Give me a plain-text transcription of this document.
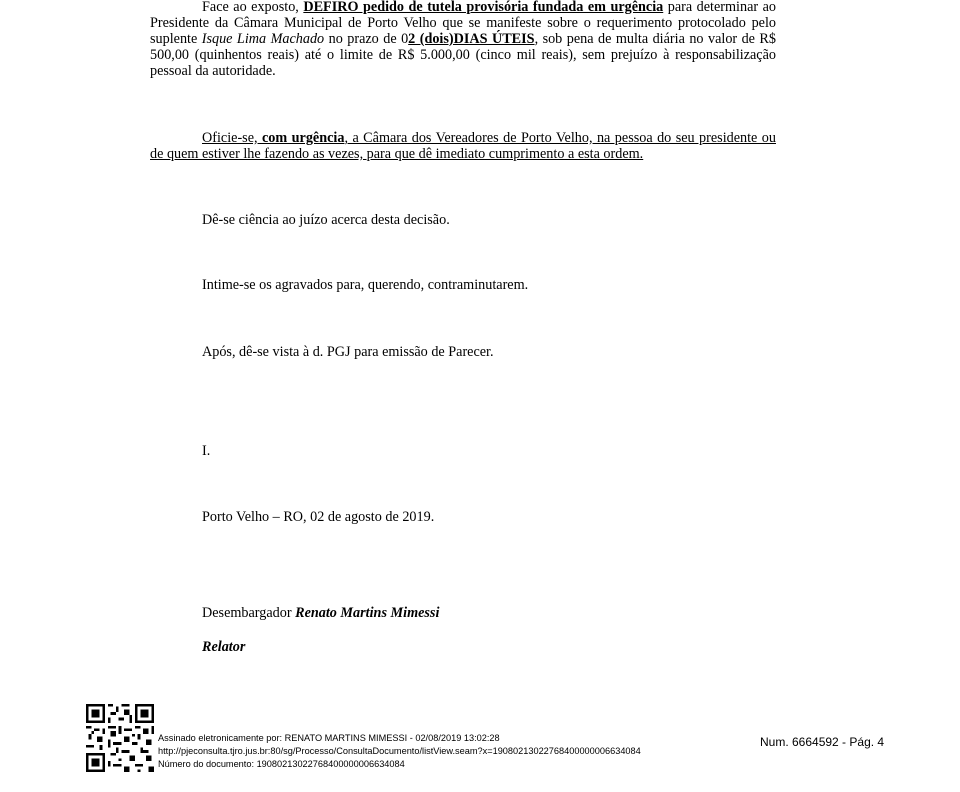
Face ao exposto, DEFIRO pedido de tutela provisória fundada em urgência para determinar ao Presidente da Câmara Municipal de Porto Velho que se manifeste sobre o requerimento protocolado pelo suplente Isque Lima Machado no prazo de 02 (dois)DIAS ÚTEIS, sob pena de multa diária no valor de R$ 500,00 (quinhentos reais) até o limite de R$ 5.000,00 (cinco mil reais), sem prejuízo à responsabilização pessoal da autoridade.
Oficie-se, com urgência, a Câmara dos Vereadores de Porto Velho, na pessoa do seu presidente ou de quem estiver lhe fazendo as vezes, para que dê imediato cumprimento a esta ordem.
Dê-se ciência ao juízo acerca desta decisão.
Intime-se os agravados para, querendo, contraminutarem.
Após, dê-se vista à d. PGJ para emissão de Parecer.
I.
Porto Velho – RO, 02 de agosto de 2019.
Desembargador Renato Martins Mimessi
Relator
Assinado eletronicamente por: RENATO MARTINS MIMESSI - 02/08/2019 13:02:28
http://pjeconsulta.tjro.jus.br:80/sg/Processo/ConsultaDocumento/listView.seam?x=19080213022768400000006634084
Número do documento: 19080213022768400000006634084
Num. 6664592 - Pág. 4
